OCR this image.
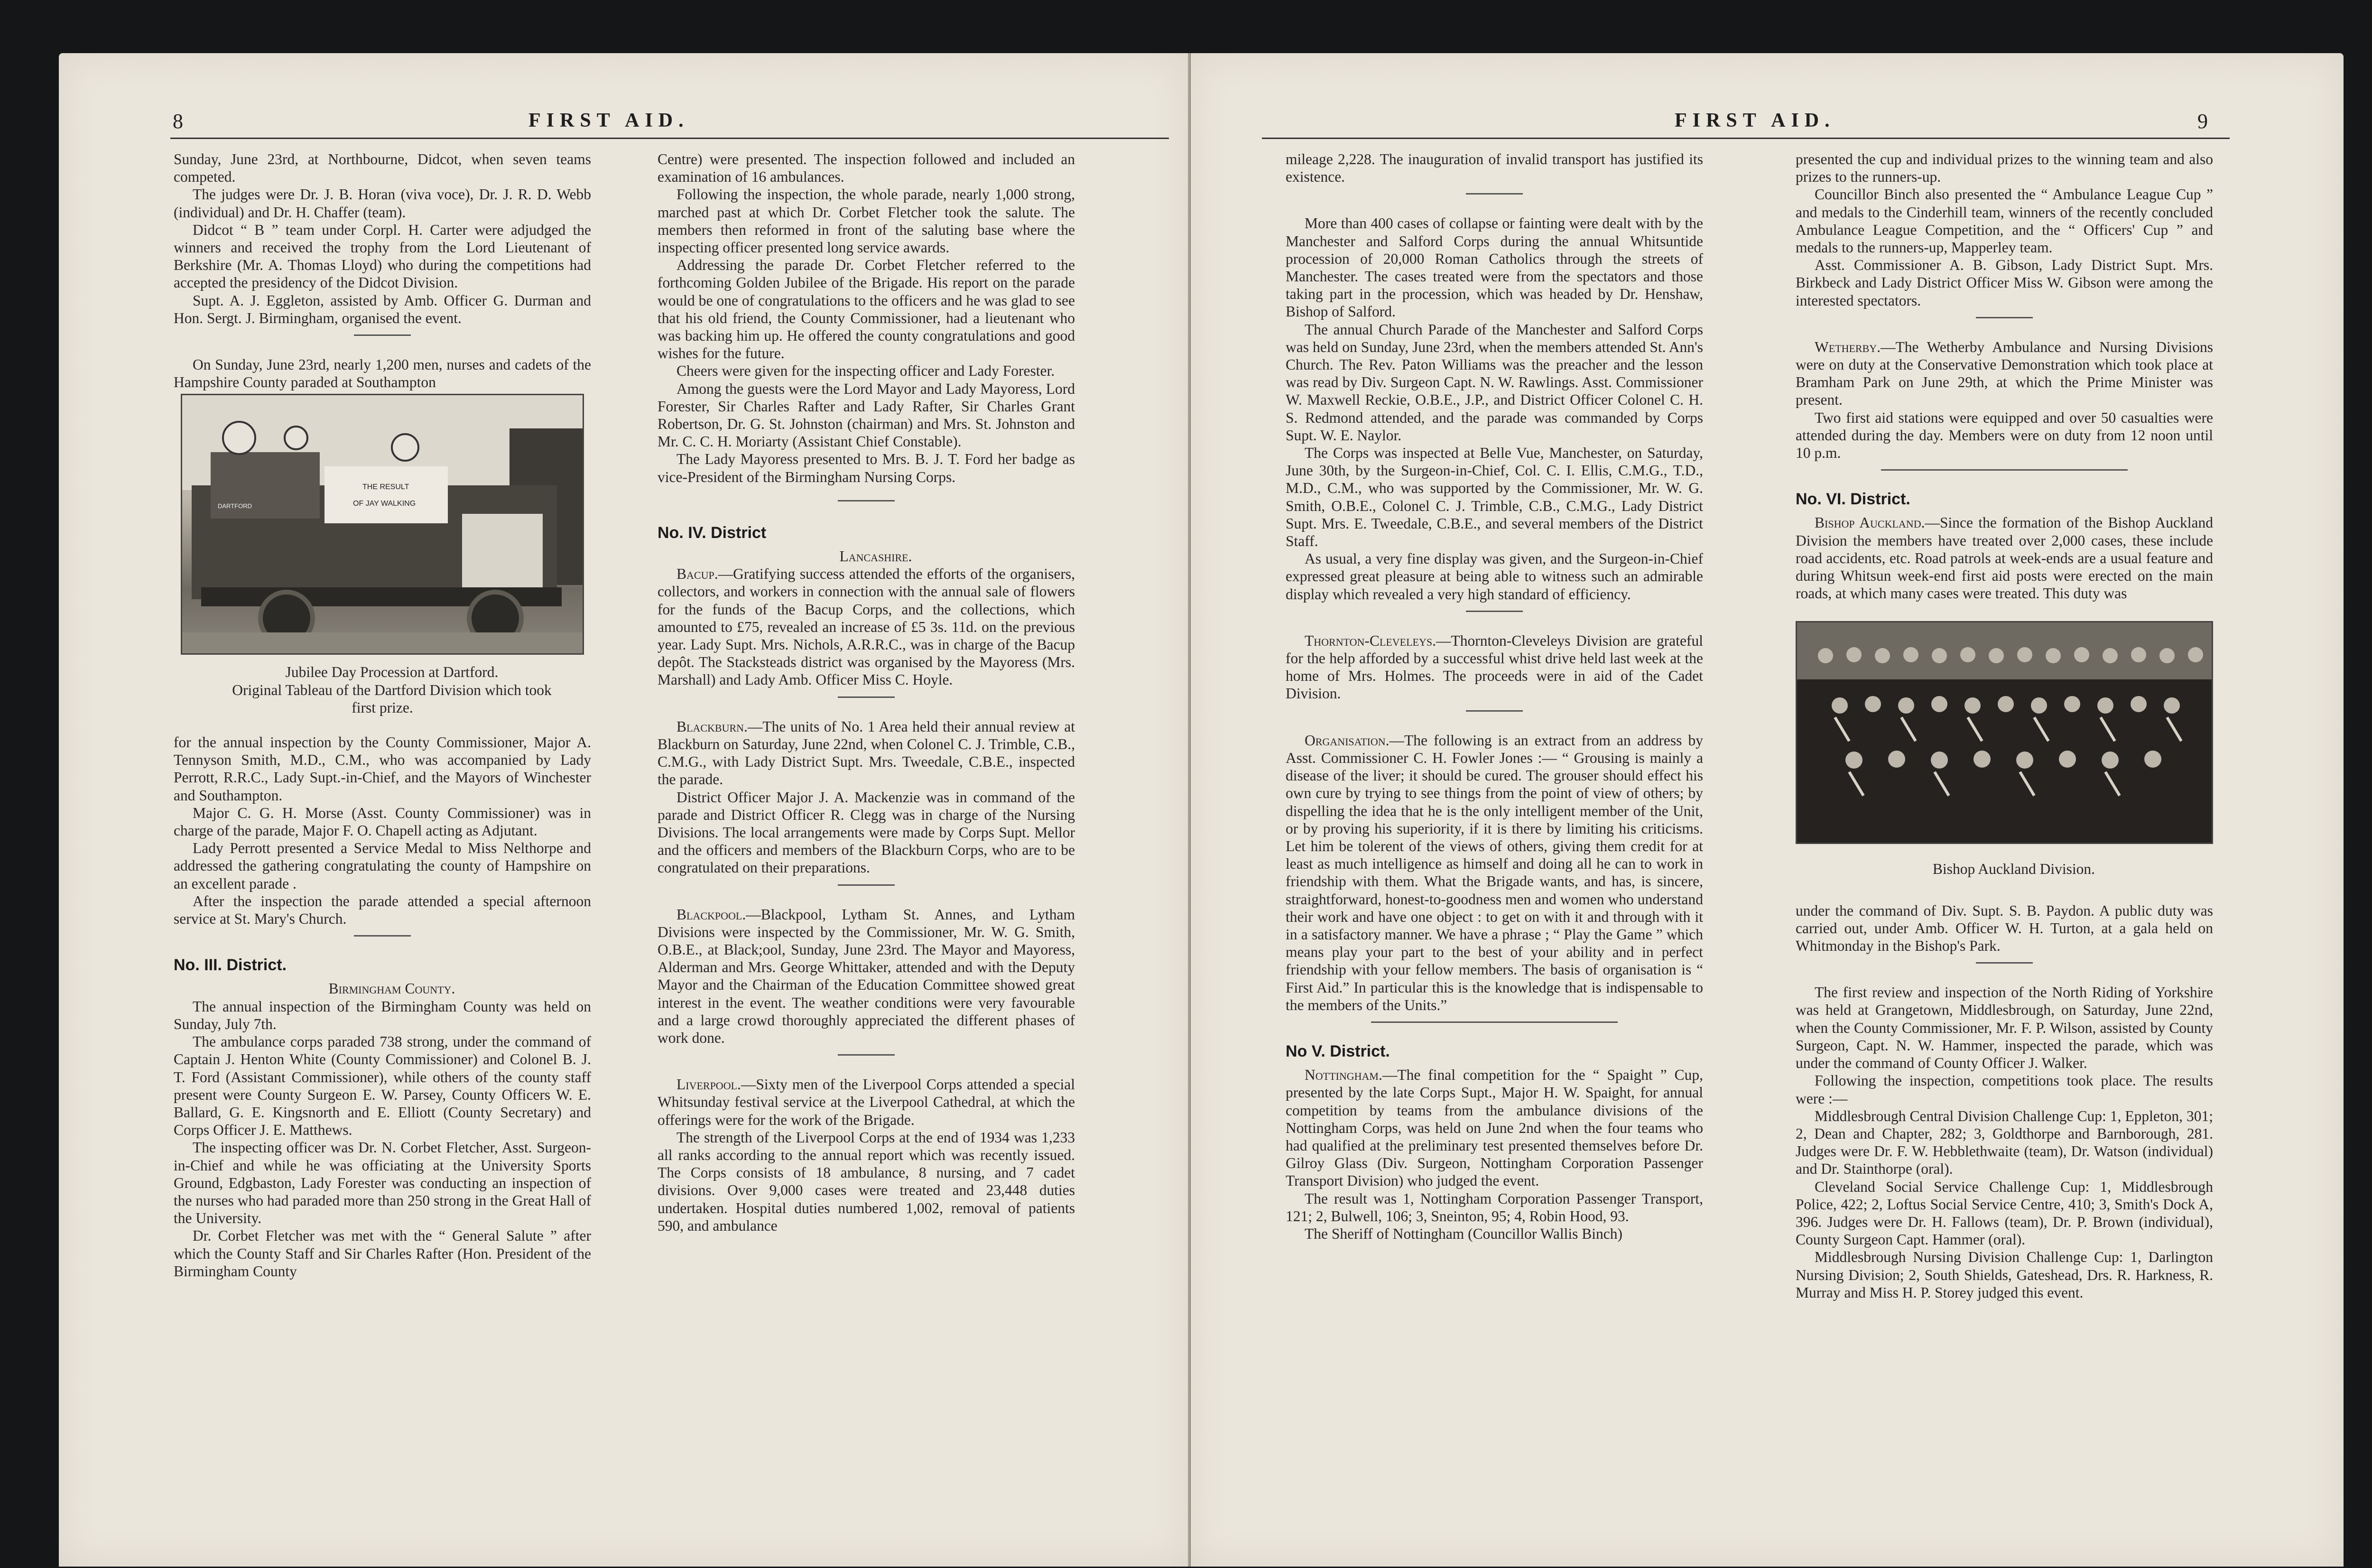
8	FIRST AID.

Sunday, June 23rd, at Northbourne, Didcot, when seven teams competed.

The judges were Dr. J. B. Horan (viva voce), Dr. J. R. D. Webb (individual) and Dr. H. Chaffer (team).

Didcot “ B ” team under Corpl. H. Carter were adjudged the winners and received the trophy from the Lord Lieutenant of Berkshire (Mr. A. Thomas Lloyd) who during the competitions had accepted the presidency of the Didcot Division.

Supt. A. J. Eggleton, assisted by Amb. Officer G. Durman and Hon. Sergt. J. Birmingham, organised the event.

On Sunday, June 23rd, nearly 1,200 men, nurses and cadets of the Hampshire County paraded at Southampton

DARTFORD
THE RESULT
OF JAY WALKING

Jubilee Day Procession at Dartford.

Original Tableau of the Dartford Division which took first prize.

for the annual inspection by the County Commissioner, Major A. Tennyson Smith, M.D., C.M., who was accompanied by Lady Perrott, R.R.C., Lady Supt.-in-Chief, and the Mayors of Winchester and Southampton.

Major C. G. H. Morse (Asst. County Commissioner) was in charge of the parade, Major F. O. Chapell acting as Adjutant.

Lady Perrott presented a Service Medal to Miss Nelthorpe and addressed the gathering congratulating the county of Hampshire on an excellent parade .

After the inspection the parade attended a special afternoon service at St. Mary's Church.

No. III. District.

Birmingham County.

The annual inspection of the Birmingham County was held on Sunday, July 7th.

The ambulance corps paraded 738 strong, under the command of Captain J. Henton White (County Commissioner) and Colonel B. J. T. Ford (Assistant Commissioner), while others of the county staff present were County Surgeon E. W. Parsey, County Officers W. E. Ballard, G. E. Kingsnorth and E. Elliott (County Secretary) and Corps Officer J. E. Matthews.

The inspecting officer was Dr. N. Corbet Fletcher, Asst. Surgeon-in-Chief and while he was officiating at the University Sports Ground, Edgbaston, Lady Forester was conducting an inspection of the nurses who had paraded more than 250 strong in the Great Hall of the University.

Dr. Corbet Fletcher was met with the “ General Salute ” after which the County Staff and Sir Charles Rafter (Hon. President of the Birmingham County

Centre) were presented. The inspection followed and included an examination of 16 ambulances.

Following the inspection, the whole parade, nearly 1,000 strong, marched past at which Dr. Corbet Fletcher took the salute. The members then reformed in front of the saluting base where the inspecting officer presented long service awards.

Addressing the parade Dr. Corbet Fletcher referred to the forthcoming Golden Jubilee of the Brigade. His report on the parade would be one of congratulations to the officers and he was glad to see that his old friend, the County Commissioner, had a lieutenant who was backing him up. He offered the county congratulations and good wishes for the future.

Cheers were given for the inspecting officer and Lady Forester.

Among the guests were the Lord Mayor and Lady Mayoress, Lord Forester, Sir Charles Rafter and Lady Rafter, Sir Charles Grant Robertson, Dr. G. St. Johnston (chairman) and Mrs. St. Johnston and Mr. C. C. H. Moriarty (Assistant Chief Constable).

The Lady Mayoress presented to Mrs. B. J. T. Ford her badge as vice-President of the Birmingham Nursing Corps.

No. IV. District

Lancashire.

Bacup.—Gratifying success attended the efforts of the organisers, collectors, and workers in connection with the annual sale of flowers for the funds of the Bacup Corps, and the collections, which amounted to £75, revealed an increase of £5 3s. 11d. on the previous year. Lady Supt. Mrs. Nichols, A.R.R.C., was in charge of the Bacup depôt. The Stacksteads district was organised by the Mayoress (Mrs. Marshall) and Lady Amb. Officer Miss C. Hoyle.

Blackburn.—The units of No. 1 Area held their annual review at Blackburn on Saturday, June 22nd, when Colonel C. J. Trimble, C.B., C.M.G., with Lady District Supt. Mrs. Tweedale, C.B.E., inspected the parade.

District Officer Major J. A. Mackenzie was in command of the parade and District Officer R. Clegg was in charge of the Nursing Divisions. The local arrangements were made by Corps Supt. Mellor and the officers and members of the Blackburn Corps, who are to be congratulated on their preparations.

Blackpool.—Blackpool, Lytham St. Annes, and Lytham Divisions were inspected by the Commissioner, Mr. W. G. Smith, O.B.E., at Black;ool, Sunday, June 23rd. The Mayor and Mayoress, Alderman and Mrs. George Whittaker, attended and with the Deputy Mayor and the Chairman of the Education Committee showed great interest in the event. The weather conditions were very favourable and a large crowd thoroughly appreciated the different phases of work done.

Liverpool.—Sixty men of the Liverpool Corps attended a special Whitsunday festival service at the Liverpool Cathedral, at which the offerings were for the work of the Brigade.

The strength of the Liverpool Corps at the end of 1934 was 1,233 all ranks according to the annual report which was recently issued. The Corps consists of 18 ambulance, 8 nursing, and 7 cadet divisions. Over 9,000 cases were treated and 23,448 duties undertaken. Hospital duties numbered 1,002, removal of patients 590, and ambulance

FIRST AID.	9

mileage 2,228. The inauguration of invalid transport has justified its existence.

More than 400 cases of collapse or fainting were dealt with by the Manchester and Salford Corps during the annual Whitsuntide procession of 20,000 Roman Catholics through the streets of Manchester. The cases treated were from the spectators and those taking part in the procession, which was headed by Dr. Henshaw, Bishop of Salford.

The annual Church Parade of the Manchester and Salford Corps was held on Sunday, June 23rd, when the members attended St. Ann's Church. The Rev. Paton Williams was the preacher and the lesson was read by Div. Surgeon Capt. N. W. Rawlings. Asst. Commissioner W. Maxwell Reckie, O.B.E., J.P., and District Officer Colonel C. H. S. Redmond attended, and the parade was commanded by Corps Supt. W. E. Naylor.

The Corps was inspected at Belle Vue, Manchester, on Saturday, June 30th, by the Surgeon-in-Chief, Col. C. I. Ellis, C.M.G., T.D., M.D., C.M., who was supported by the Commissioner, Mr. W. G. Smith, O.B.E., Colonel C. J. Trimble, C.B., C.M.G., Lady District Supt. Mrs. E. Tweedale, C.B.E., and several members of the District Staff.

As usual, a very fine display was given, and the Surgeon-in-Chief expressed great pleasure at being able to witness such an admirable display which revealed a very high standard of efficiency.

Thornton-Cleveleys.—Thornton-Cleveleys Division are grateful for the help afforded by a successful whist drive held last week at the home of Mrs. Holmes. The proceeds were in aid of the Cadet Division.

Organisation.—The following is an extract from an address by Asst. Commissioner C. H. Fowler Jones :— “ Grousing is mainly a disease of the liver; it should be cured. The grouser should effect his own cure by trying to see things from the point of view of others; by dispelling the idea that he is the only intelligent member of the Unit, or by proving his superiority, if it is there by limiting his criticisms. Let him be tolerent of the views of others, giving them credit for at least as much intelligence as himself and doing all he can to work in friendship with them. What the Brigade wants, and has, is sincere, straightforward, honest-to-goodness men and women who understand their work and have one object : to get on with it and through with it in a satisfactory manner. We have a phrase ; “ Play the Game ” which means play your part to the best of your ability and in perfect friendship with your fellow members. The basis of organisation is “ First Aid.” In particular this is the knowledge that is indispensable to the members of the Units.”

No V. District.

Nottingham.—The final competition for the “ Spaight ” Cup, presented by the late Corps Supt., Major H. W. Spaight, for annual competition by teams from the ambulance divisions of the Nottingham Corps, was held on June 2nd when the four teams who had qualified at the preliminary test presented themselves before Dr. Gilroy Glass (Div. Surgeon, Nottingham Corporation Passenger Transport Division) who judged the event.

The result was 1, Nottingham Corporation Passenger Transport, 121; 2, Bulwell, 106; 3, Sneinton, 95; 4, Robin Hood, 93.

The Sheriff of Nottingham (Councillor Wallis Binch)

presented the cup and individual prizes to the winning team and also prizes to the runners-up.

Councillor Binch also presented the “ Ambulance League Cup ” and medals to the Cinderhill team, winners of the recently concluded Ambulance League Competition, and the “ Officers' Cup ” and medals to the runners-up, Mapperley team.

Asst. Commissioner A. B. Gibson, Lady District Supt. Mrs. Birkbeck and Lady District Officer Miss W. Gibson were among the interested spectators.

Wetherby.—The Wetherby Ambulance and Nursing Divisions were on duty at the Conservative Demonstration which took place at Bramham Park on June 29th, at which the Prime Minister was present.

Two first aid stations were equipped and over 50 casualties were attended during the day. Members were on duty from 12 noon until 10 p.m.

No. VI. District.

Bishop Auckland.—Since the formation of the Bishop Auckland Division the members have treated over 2,000 cases, these include road accidents, etc. Road patrols at week-ends are a usual feature and during Whitsun week-end first aid posts were erected on the main roads, at which many cases were treated. This duty was

Bishop Auckland Division.

under the command of Div. Supt. S. B. Paydon. A public duty was carried out, under Amb. Officer W. H. Turton, at a gala held on Whitmonday in the Bishop's Park.

The first review and inspection of the North Riding of Yorkshire was held at Grangetown, Middlesbrough, on Saturday, June 22nd, when the County Commissioner, Mr. F. P. Wilson, assisted by County Surgeon, Capt. N. W. Hammer, inspected the parade, which was under the command of County Officer J. Walker.

Following the inspection, competitions took place. The results were :—

Middlesbrough Central Division Challenge Cup: 1, Eppleton, 301; 2, Dean and Chapter, 282; 3, Goldthorpe and Barnborough, 281. Judges were Dr. F. W. Hebblethwaite (team), Dr. Watson (individual) and Dr. Stainthorpe (oral).

Cleveland Social Service Challenge Cup: 1, Middlesbrough Police, 422; 2, Loftus Social Service Centre, 410; 3, Smith's Dock A, 396. Judges were Dr. H. Fallows (team), Dr. P. Brown (individual), County Surgeon Capt. Hammer (oral).

Middlesbrough Nursing Division Challenge Cup: 1, Darlington Nursing Division; 2, South Shields, Gateshead, Drs. R. Harkness, R. Murray and Miss H. P. Storey judged this event.
